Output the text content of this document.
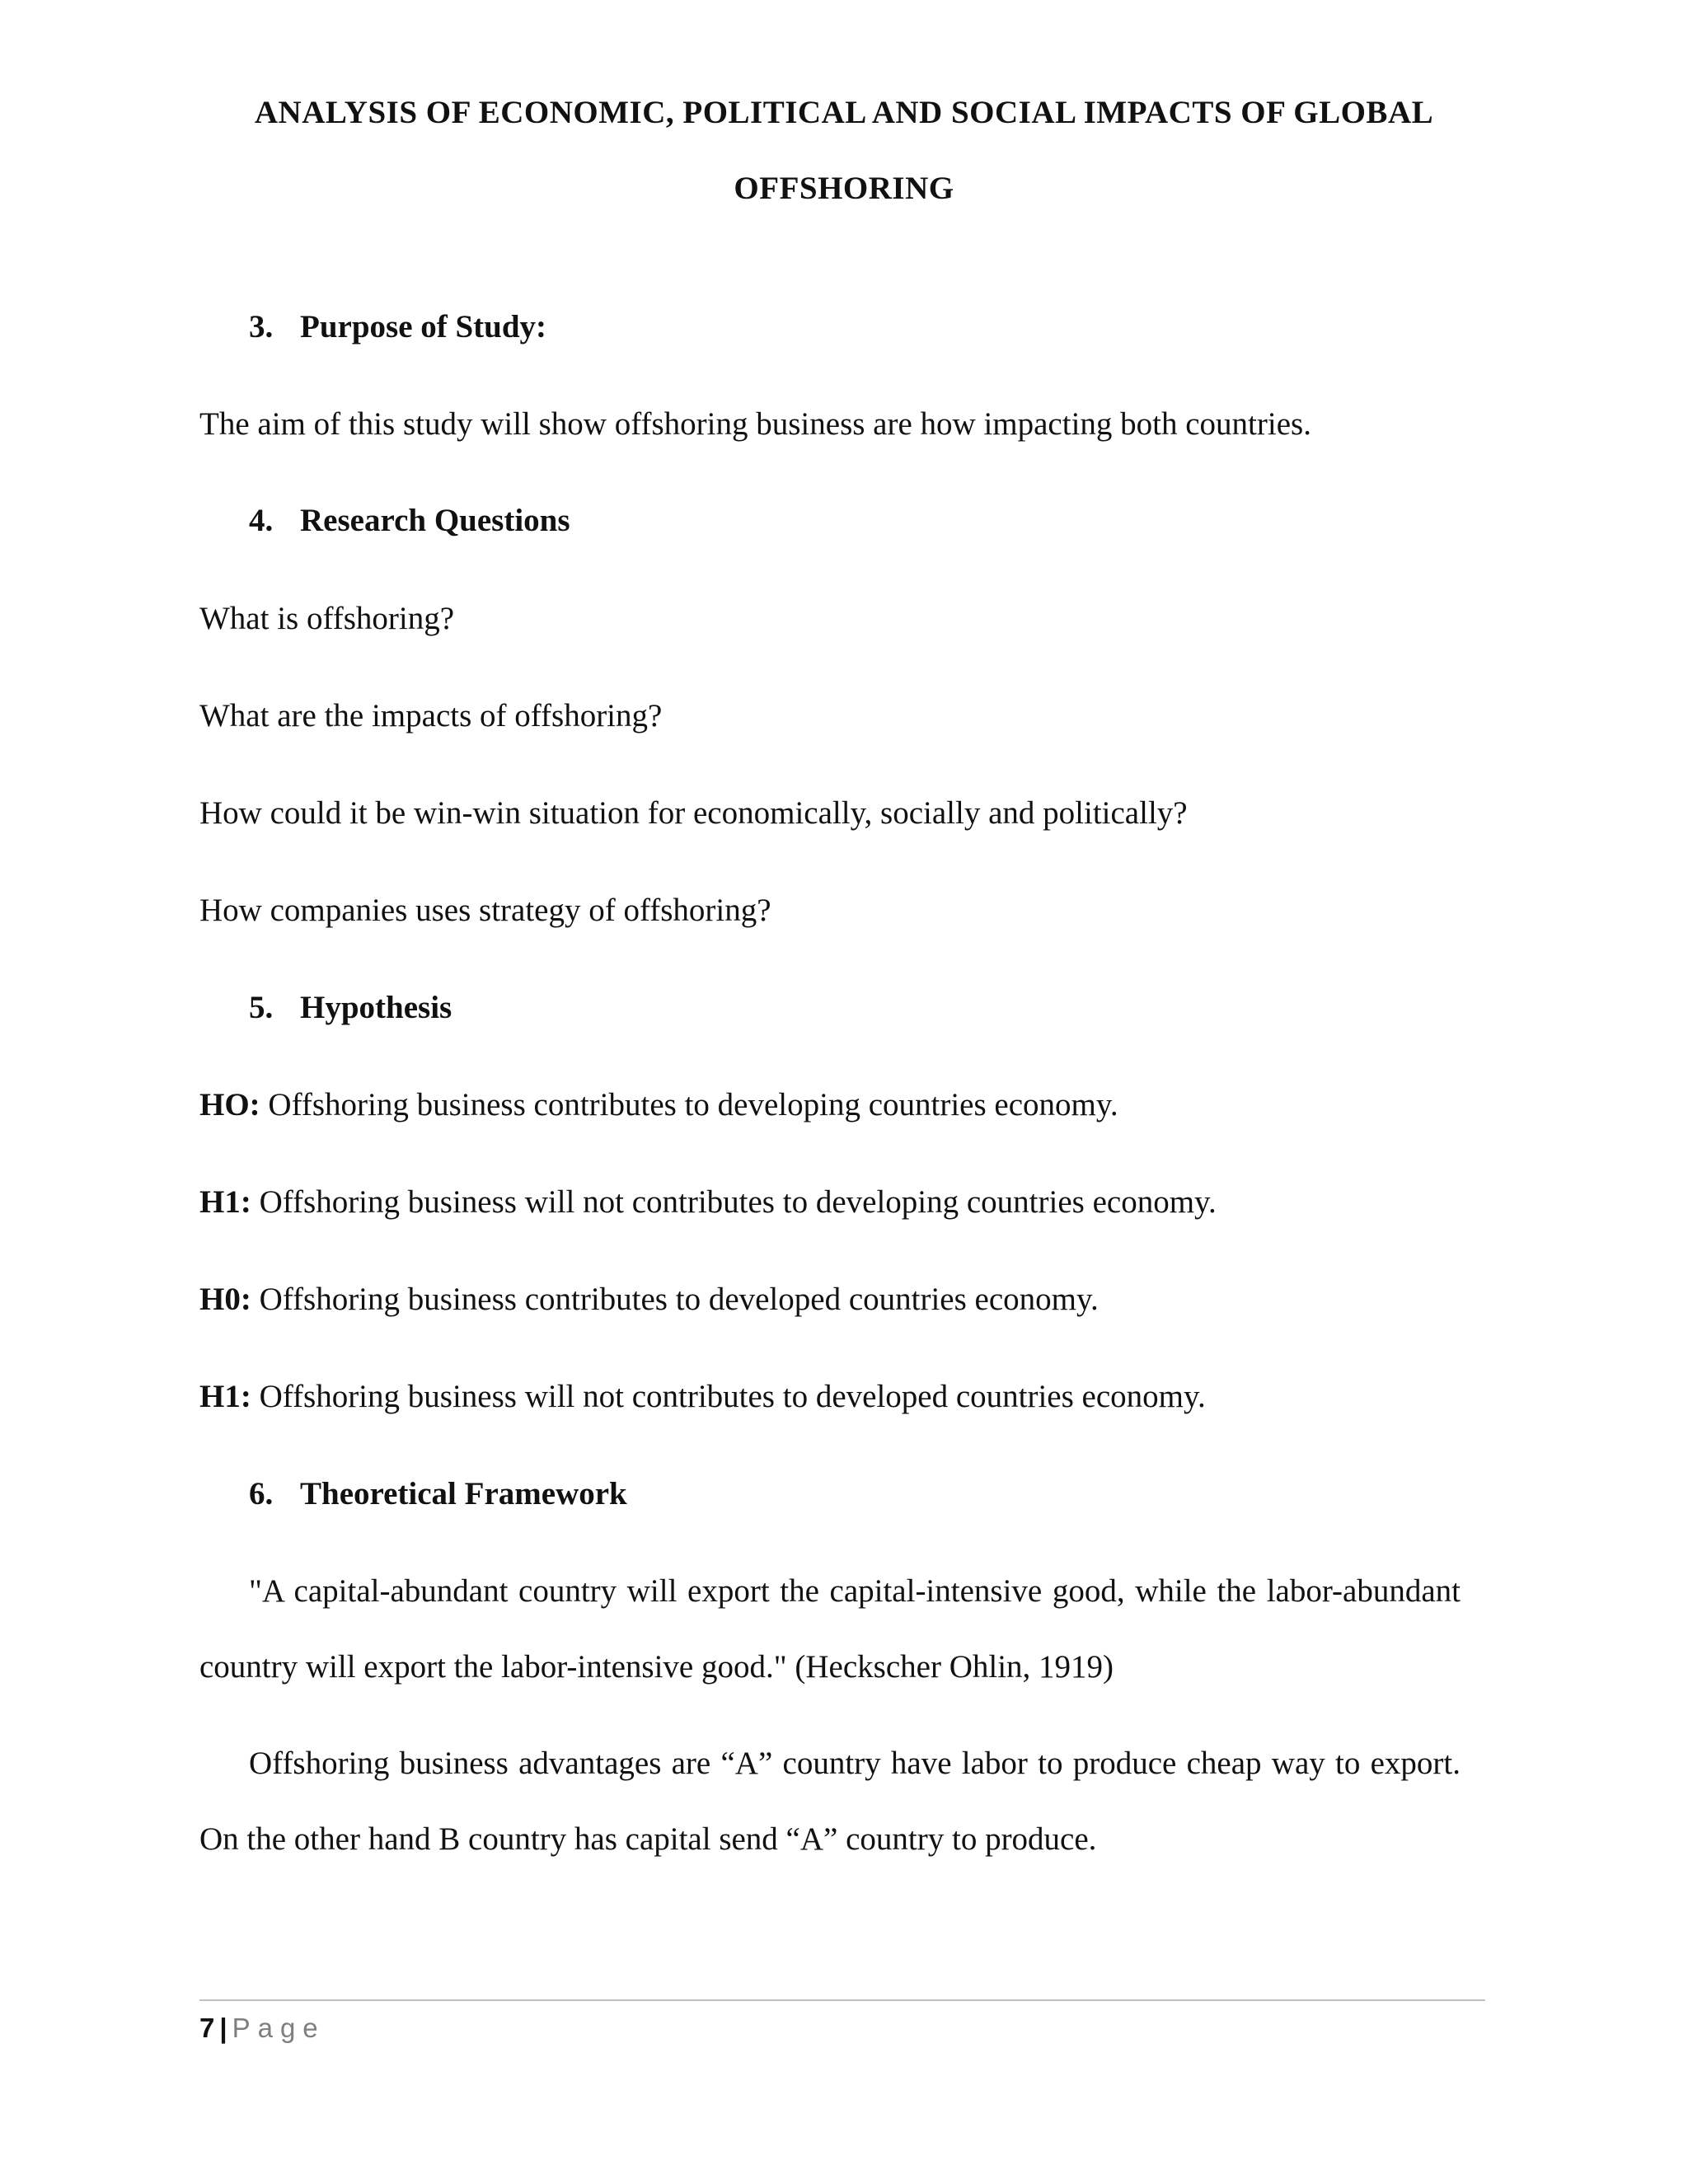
ANALYSIS OF ECONOMIC, POLITICAL AND SOCIAL IMPACTS OF GLOBAL
OFFSHORING
3. Purpose of Study:
The aim of this study will show offshoring business are how impacting both countries.
4. Research Questions
What is offshoring?
What are the impacts of offshoring?
How could it be win-win situation for economically, socially and politically?
How companies uses strategy of offshoring?
5. Hypothesis
HO: Offshoring business contributes to developing countries economy.
H1: Offshoring business will not contributes to developing countries economy.
H0: Offshoring business contributes to developed countries economy.
H1: Offshoring business will not contributes to developed countries economy.
6. Theoretical Framework
"A capital-abundant country will export the capital-intensive good, while the labor-abundant
country will export the labor-intensive good." (Heckscher Ohlin, 1919)
Offshoring business advantages are “A” country have labor to produce cheap way to export.
On the other hand B country has capital send “A” country to produce.
7 | Page
